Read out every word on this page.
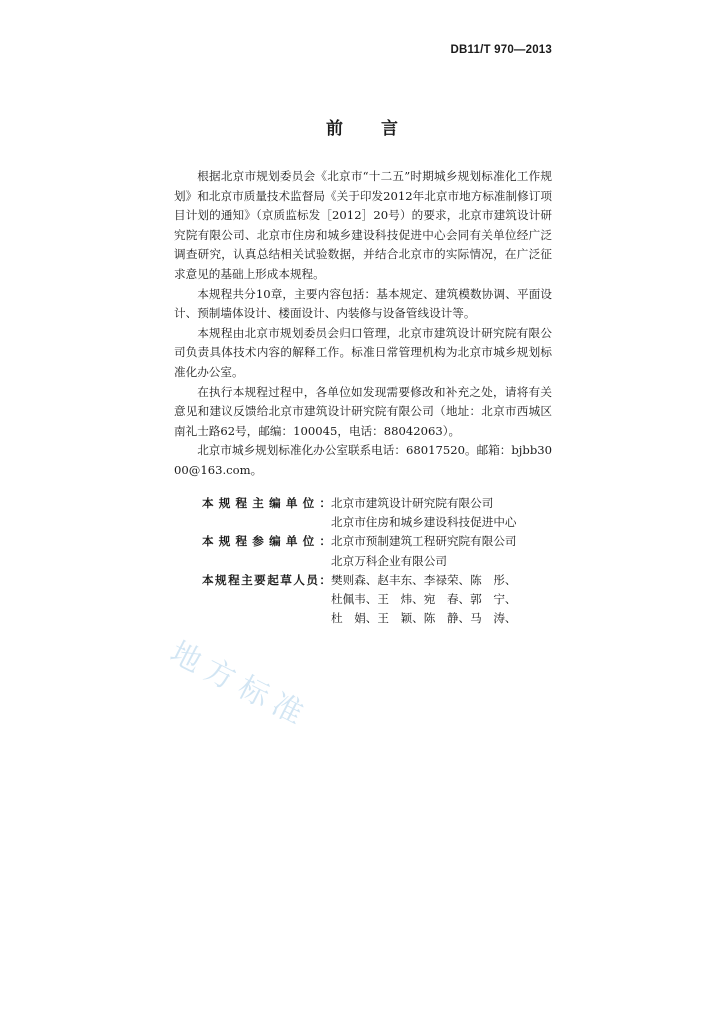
DB11/T 970—2013
前言

根据北京市规划委员会《北京市“十二五”时期城乡规划标准化工作规划》和北京市质量技术监督局《关于印发2012年北京市地方标准制修订项目计划的通知》（京质监标发［2012］20号）的要求，北京市建筑设计研究院有限公司、北京市住房和城乡建设科技促进中心会同有关单位经广泛调查研究，认真总结相关试验数据，并结合北京市的实际情况，在广泛征求意见的基础上形成本规程。

本规程共分10章，主要内容包括：基本规定、建筑模数协调、平面设计、预制墙体设计、楼面设计、内装修与设备管线设计等。

本规程由北京市规划委员会归口管理，北京市建筑设计研究院有限公司负责具体技术内容的解释工作。标准日常管理机构为北京市城乡规划标准化办公室。

在执行本规程过程中，各单位如发现需要修改和补充之处，请将有关意见和建议反馈给北京市建筑设计研究院有限公司（地址：北京市西城区南礼士路62号，邮编：100045，电话：88042063）。

北京市城乡规划标准化办公室联系电话：68017520。邮箱：bjbb3000@163.com。

本规程主编单位： 北京市建筑设计研究院有限公司
北京市住房和城乡建设科技促进中心
本规程参编单位： 北京市预制建筑工程研究院有限公司
北京万科企业有限公司
本规程主要起草人员： 樊则森、赵丰东、李禄荣、陈　彤、
杜佩韦、王　炜、宛　春、郭　宁、
杜　娟、王　颖、陈　静、马　涛、
地方标准
